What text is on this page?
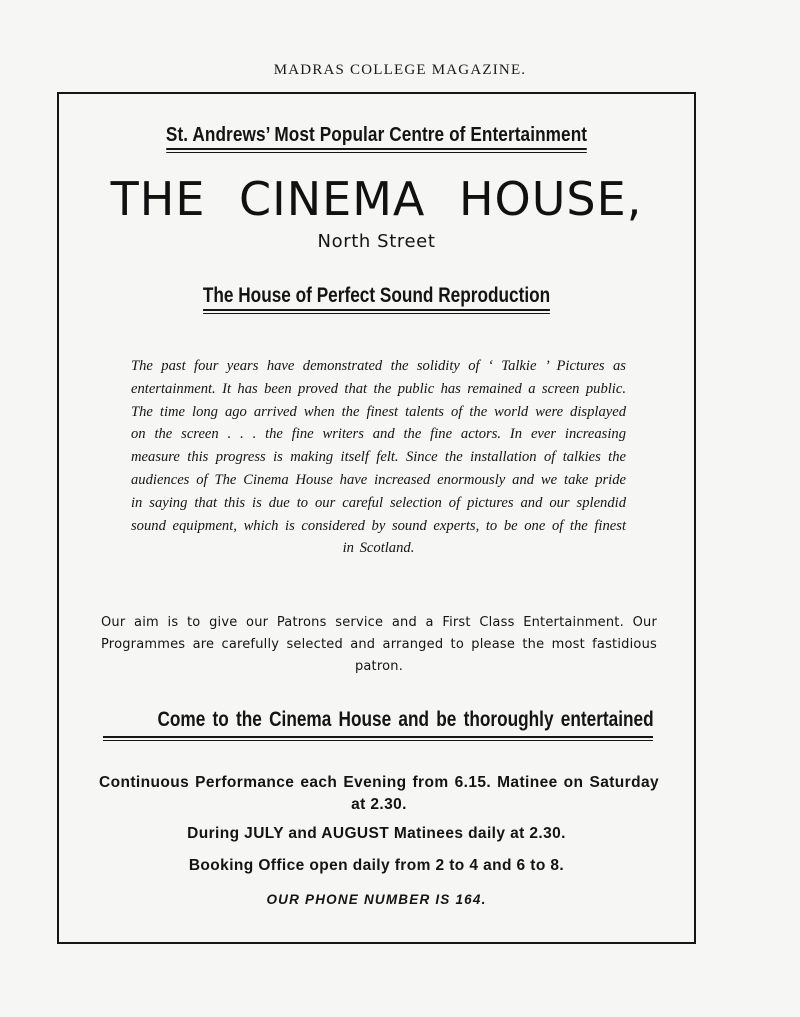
MADRAS COLLEGE MAGAZINE.
St. Andrews’ Most Popular Centre of Entertainment
THE CINEMA HOUSE,
North Street
The House of Perfect Sound Reproduction

The past four years have demonstrated the solidity of ‘ Talkie ’ Pictures as entertainment. It has been proved that the public has remained a screen public. The time long ago arrived when the finest talents of the world were displayed on the screen . . . the fine writers and the fine actors. In ever increasing measure this progress is making itself felt. Since the installation of talkies the audiences of The Cinema House have increased enormously and we take pride in saying that this is due to our careful selection of pictures and our splendid sound equipment, which is considered by sound experts, to be one of the finest in Scotland.

Our aim is to give our Patrons service and a First Class Entertainment. Our Programmes are carefully selected and arranged to please the most fastidious patron.

Come to the Cinema House and be thoroughly entertained

Continuous Performance each Evening from 6.15. Matinee on Saturday at 2.30.

During JULY and AUGUST Matinees daily at 2.30.
Booking Office open daily from 2 to 4 and 6 to 8.
OUR PHONE NUMBER IS 164.
